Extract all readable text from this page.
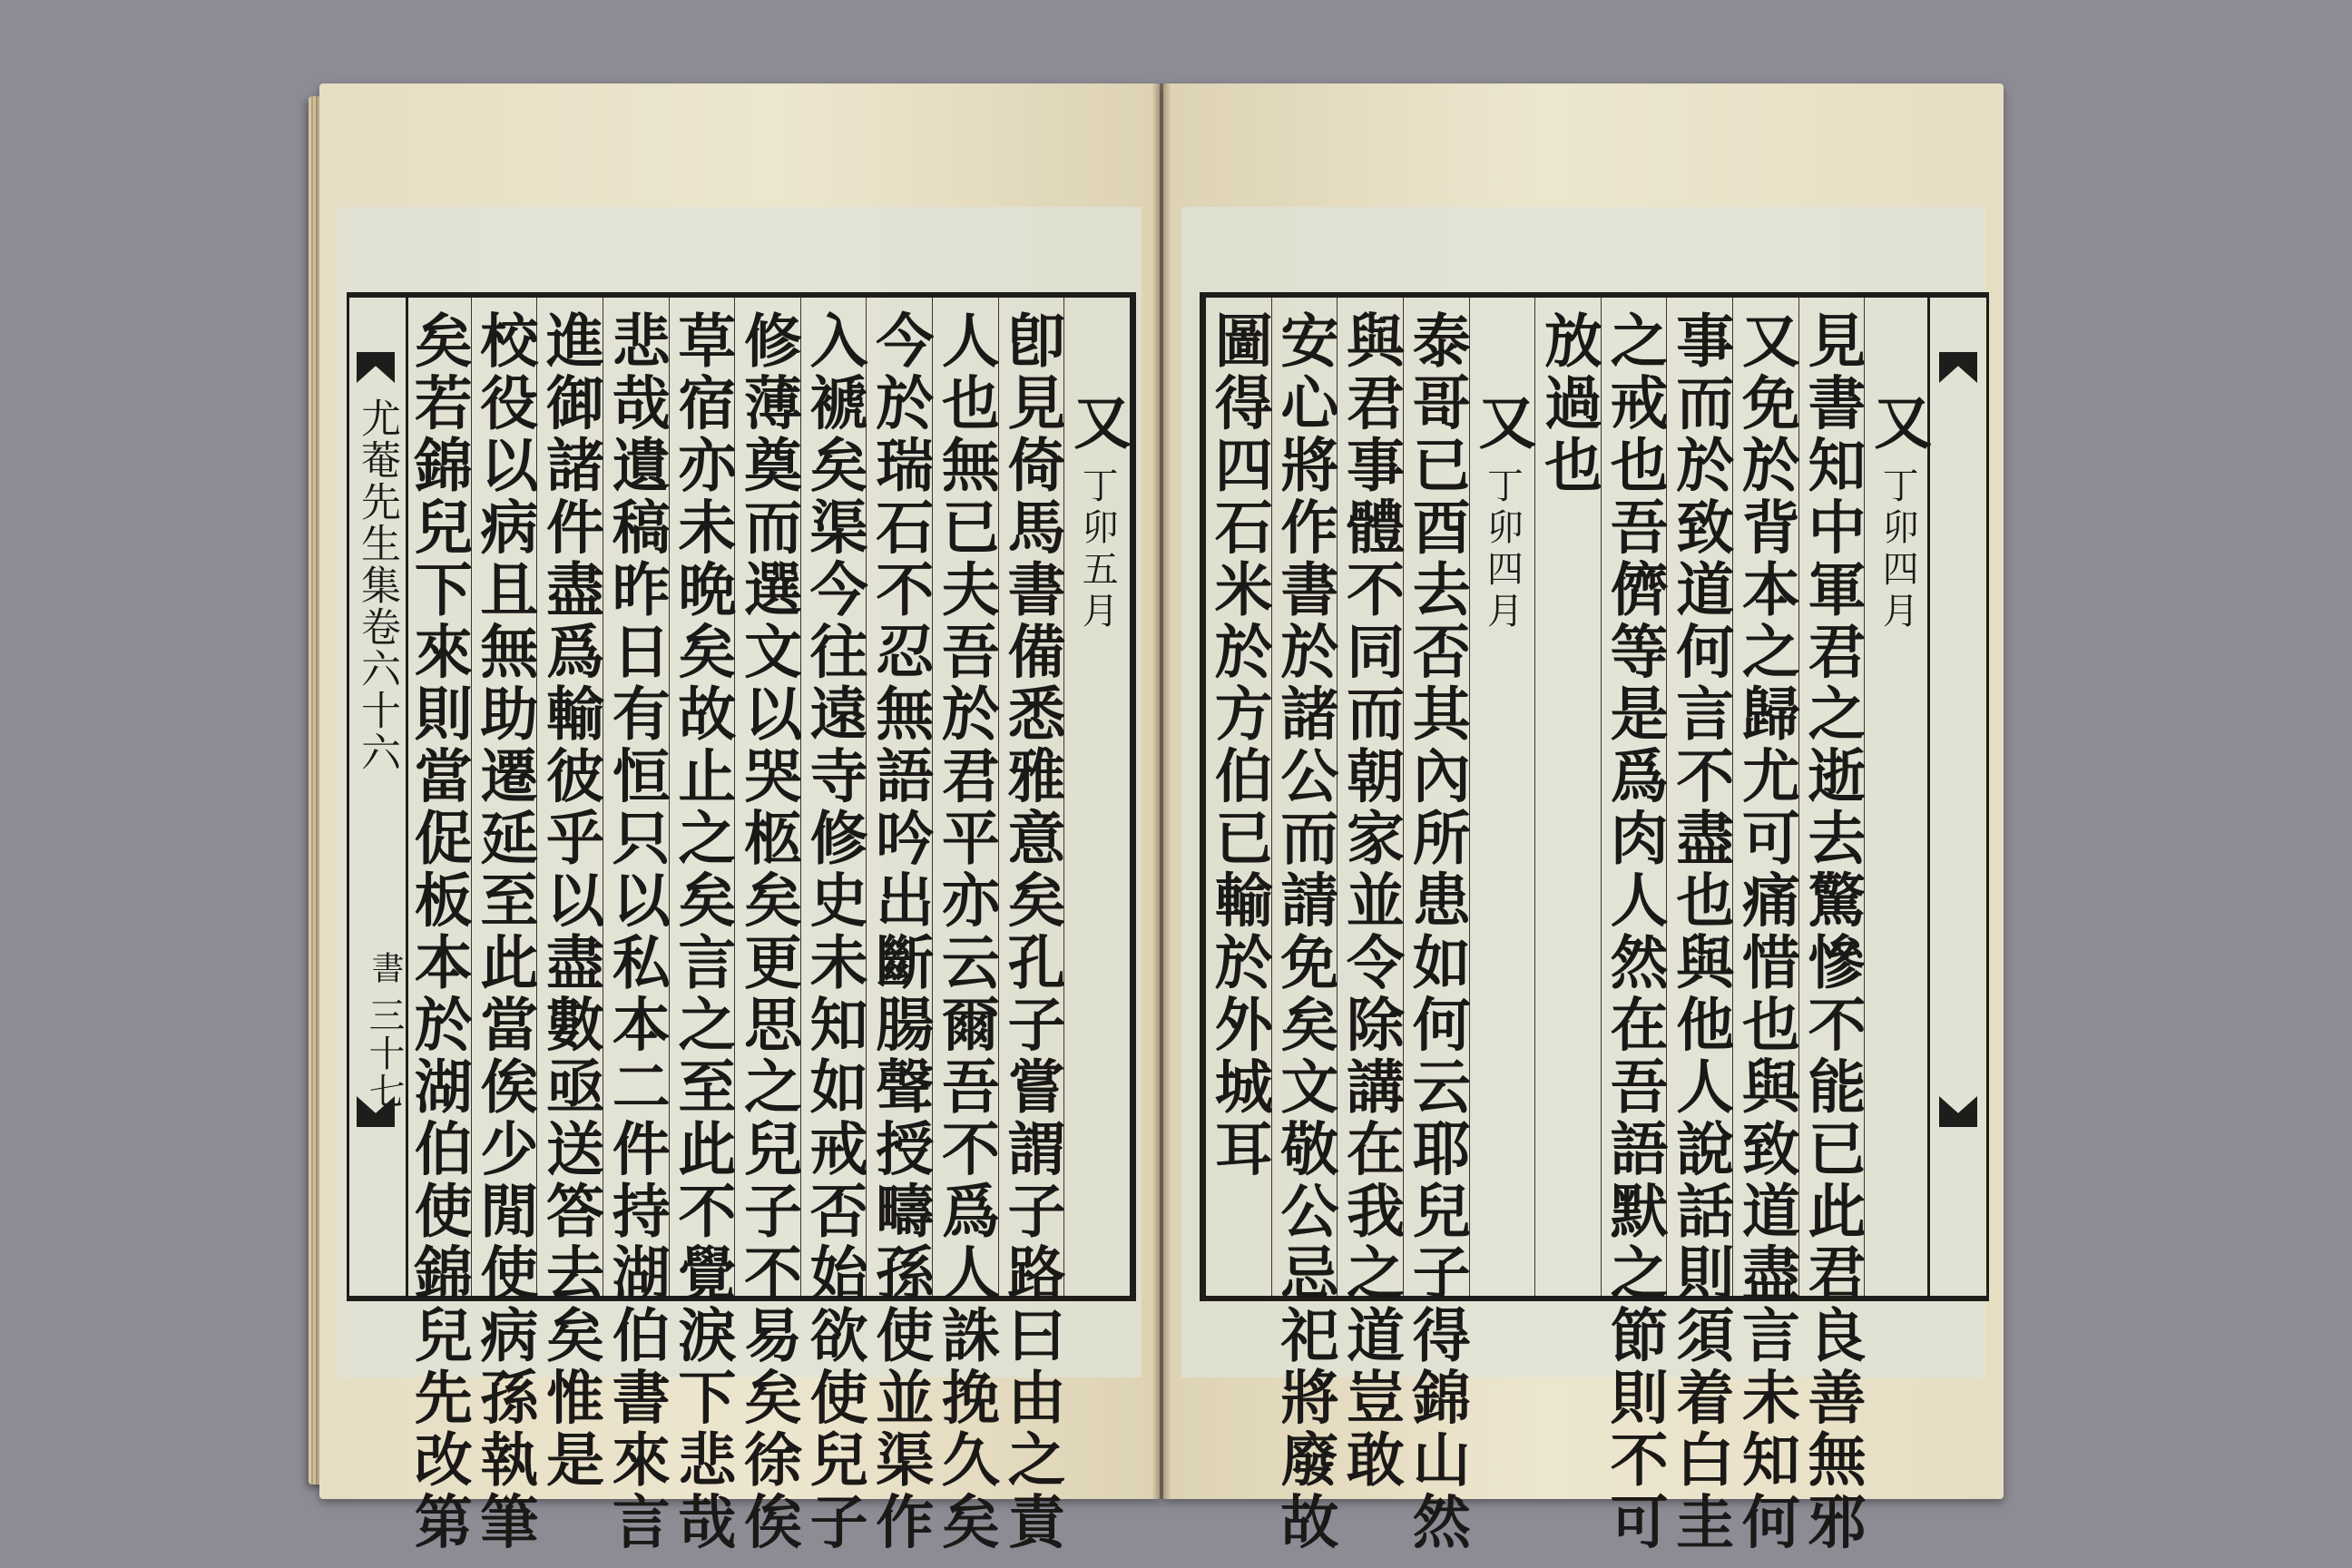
尤菴先生集卷六十六
書
三十七
又
丁卯五月
卽見倚馬書備悉雅意矣孔子嘗謂子路曰由之責
人也無已夫吾於君平亦云爾吾不爲人誅挽久矣
今於瑞石不忍無語吟出斷腸聲授疇孫使並渠作
入褫矣渠今往遠寺修史未知如戒否始欲使兒子
修薄奠而選文以哭柩矣更思之兒子不易矣徐俟
草宿亦未晩矣故止之矣言之至此不覺淚下悲哉
悲哉遺稿昨日有恒只以私本二件持湖伯書來言
進御諸件盡爲輸彼乎以盡數亟送答去矣惟是
校役以病且無助遷延至此當俟少閒使病孫執筆
矣若錦兒下來則當促板本於湖伯使錦兒先改第	又
丁卯四月
見書知中軍君之逝去驚慘不能已此君良善無邪
又免於背本之歸尤可痛惜也與致道盡言未知何
事而於致道何言不盡也與他人說話則須着白圭
之戒也吾儕等是爲肉人然在吾語默之節則不可
放過也
又
丁卯四月
泰哥已酉去否其內所患如何云耶兒子得錦山然
與君事體不同而朝家並令除講在我之道豈敢
安心將作書於諸公而請免矣文敬公忌祀將廢故
圖得四石米於方伯已輸於外城耳
